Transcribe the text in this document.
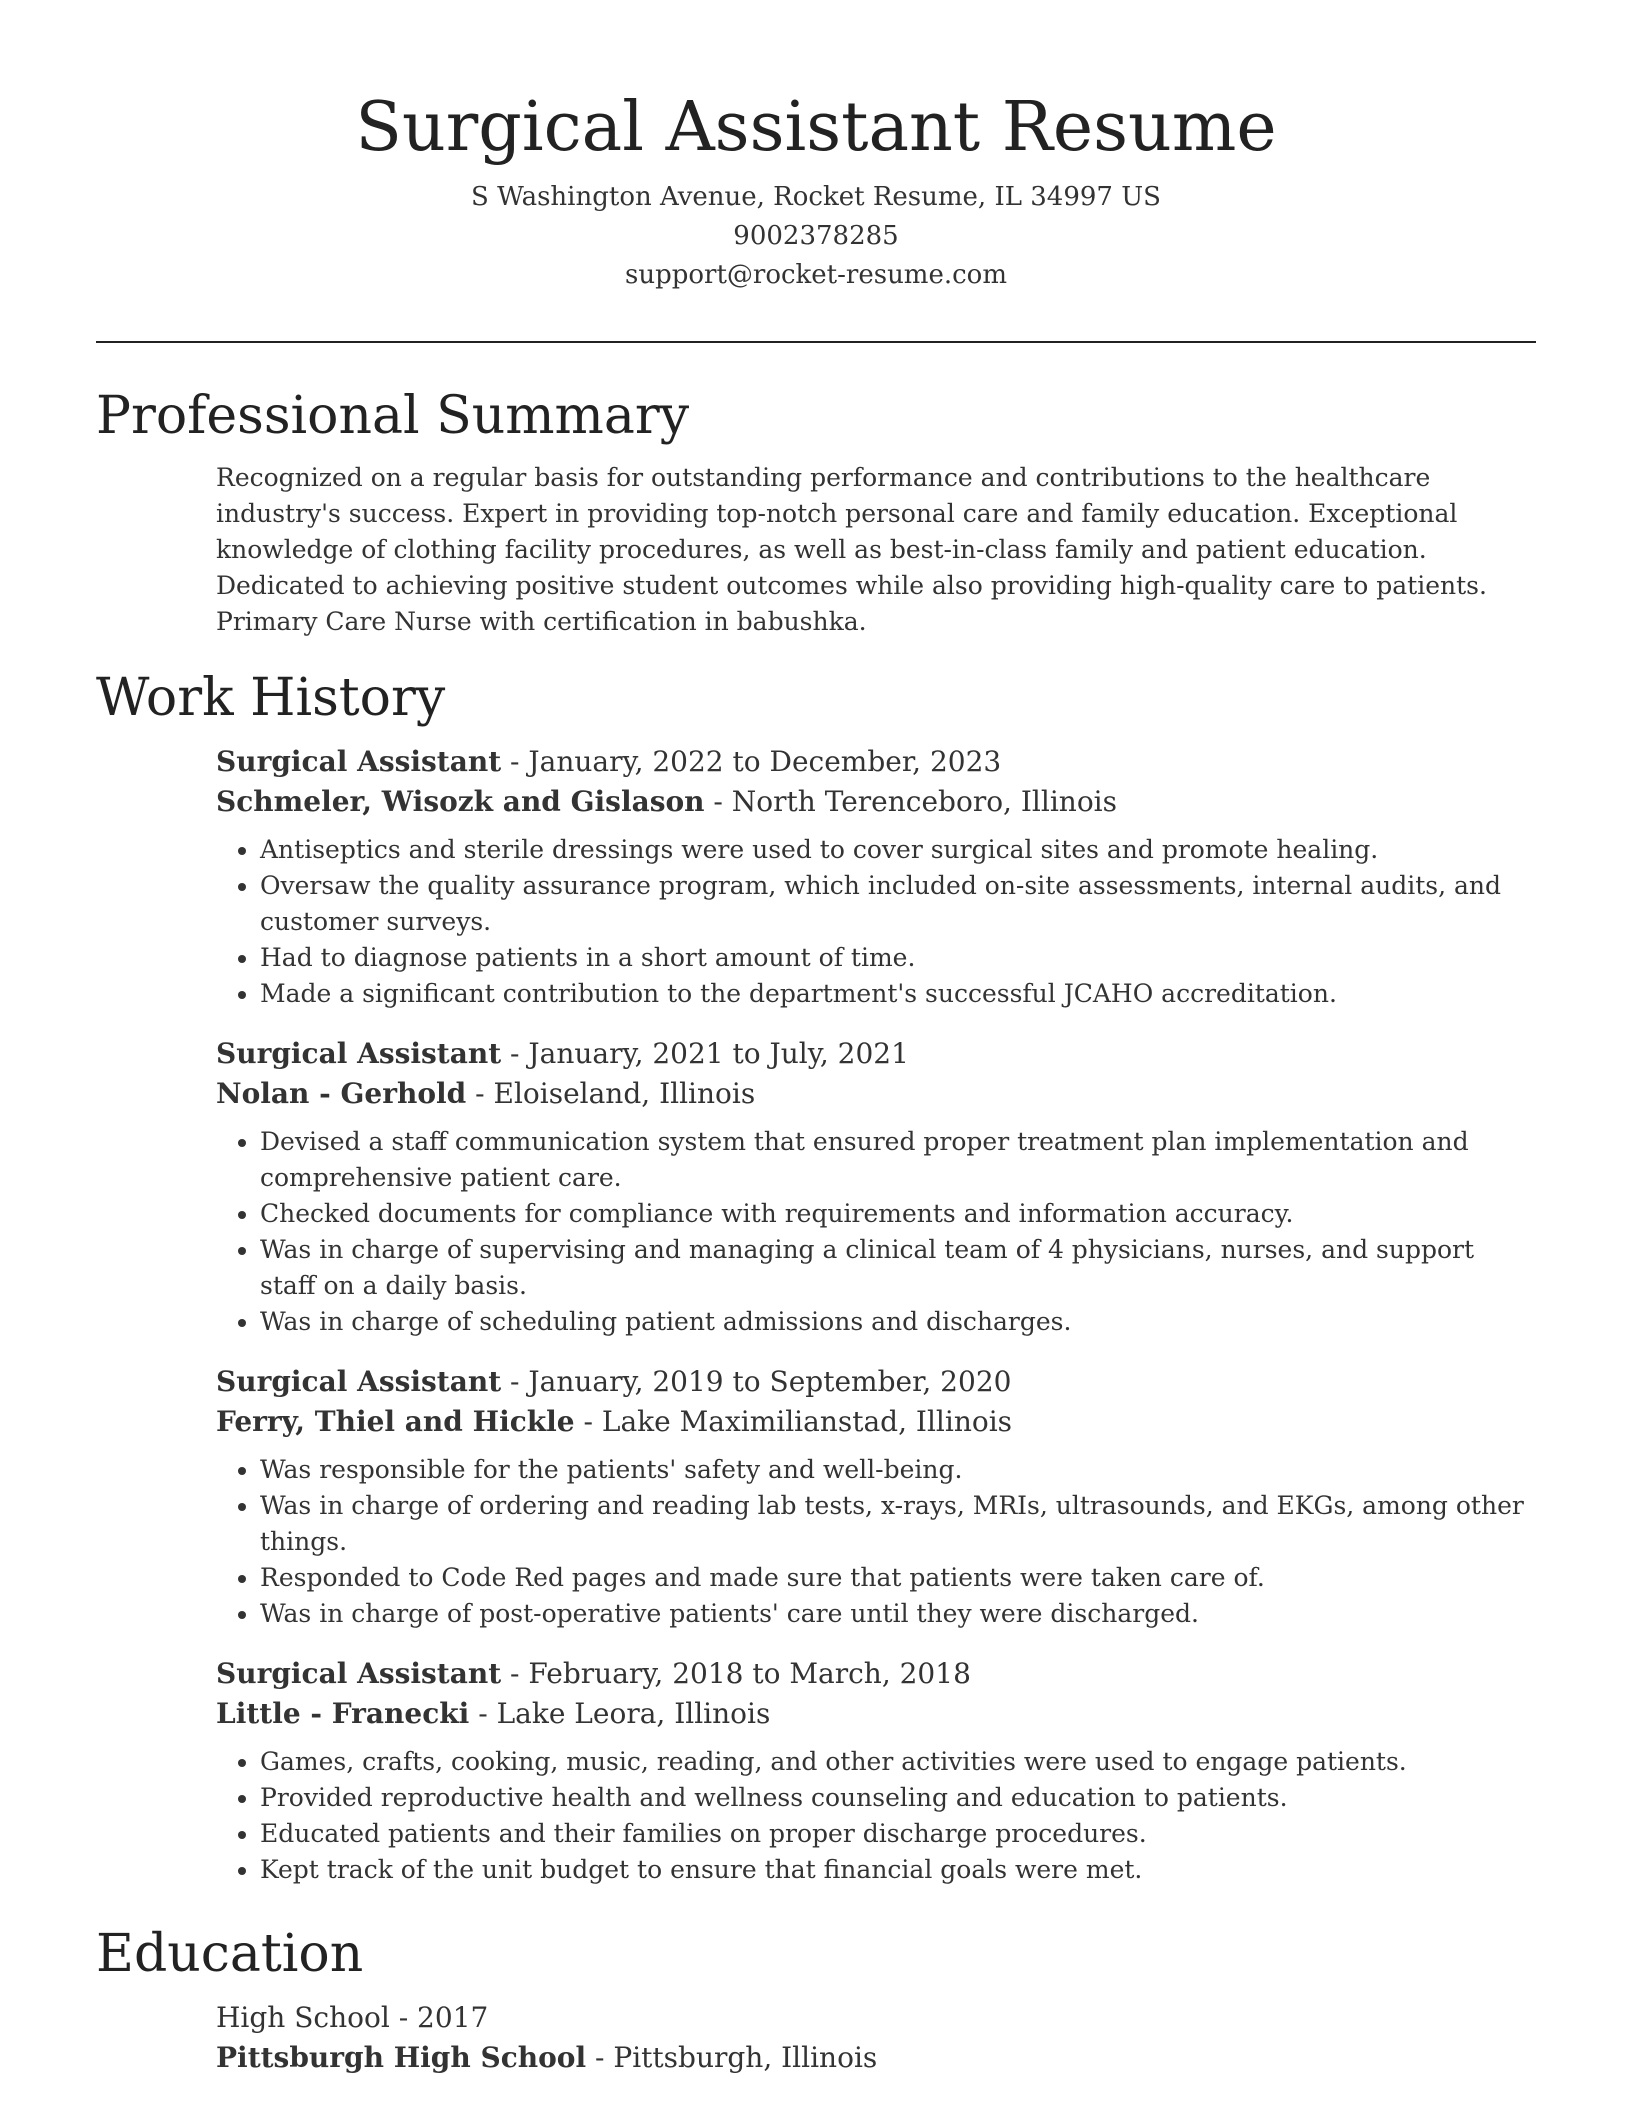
Surgical Assistant Resume
S Washington Avenue, Rocket Resume, IL 34997 US
9002378285
support@rocket-resume.com
Professional Summary

Recognized on a regular basis for outstanding performance and contributions to the healthcare industry's success. Expert in providing top-notch personal care and family education. Exceptional knowledge of clothing facility procedures, as well as best-in-class family and patient education. Dedicated to achieving positive student outcomes while also providing high-quality care to patients. Primary Care Nurse with certification in babushka.

Work History
Surgical Assistant - January, 2022 to December, 2023
Schmeler, Wisozk and Gislason - North Terenceboro, Illinois
• Antiseptics and sterile dressings were used to cover surgical sites and promote healing.
• Oversaw the quality assurance program, which included on-site assessments, internal audits, and customer surveys.
• Had to diagnose patients in a short amount of time.
• Made a significant contribution to the department's successful JCAHO accreditation.
Surgical Assistant - January, 2021 to July, 2021
Nolan - Gerhold - Eloiseland, Illinois
• Devised a staff communication system that ensured proper treatment plan implementation and comprehensive patient care.
• Checked documents for compliance with requirements and information accuracy.
• Was in charge of supervising and managing a clinical team of 4 physicians, nurses, and support staff on a daily basis.
• Was in charge of scheduling patient admissions and discharges.
Surgical Assistant - January, 2019 to September, 2020
Ferry, Thiel and Hickle - Lake Maximilianstad, Illinois
• Was responsible for the patients' safety and well-being.
• Was in charge of ordering and reading lab tests, x-rays, MRIs, ultrasounds, and EKGs, among other things.
• Responded to Code Red pages and made sure that patients were taken care of.
• Was in charge of post-operative patients' care until they were discharged.
Surgical Assistant - February, 2018 to March, 2018
Little - Franecki - Lake Leora, Illinois
• Games, crafts, cooking, music, reading, and other activities were used to engage patients.
• Provided reproductive health and wellness counseling and education to patients.
• Educated patients and their families on proper discharge procedures.
• Kept track of the unit budget to ensure that financial goals were met.
Education
High School - 2017
Pittsburgh High School - Pittsburgh, Illinois
